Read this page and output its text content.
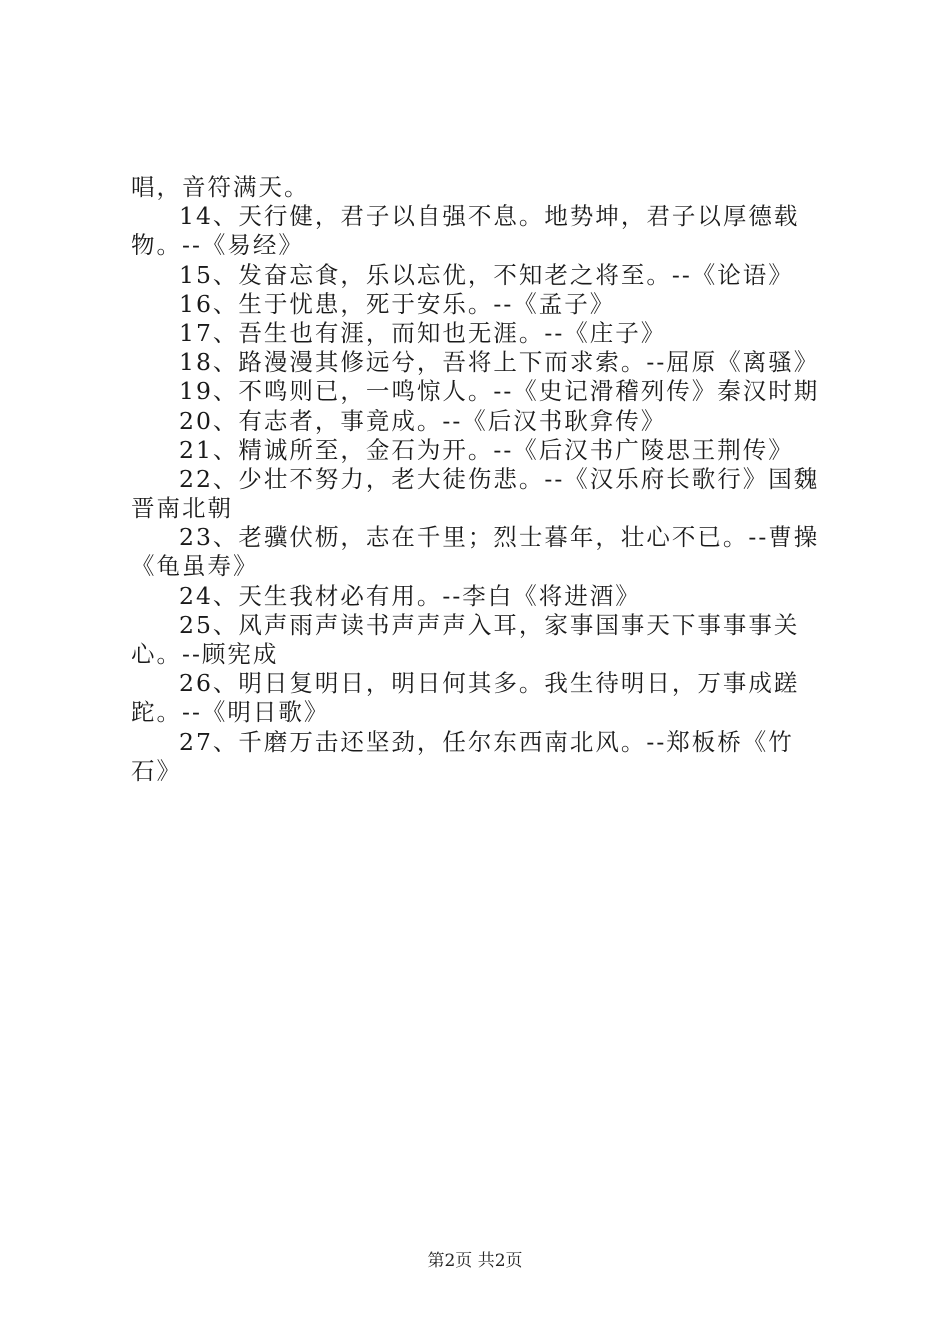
唱，音符满天。
14、天行健，君子以自强不息。地势坤，君子以厚德载
物。--《易经》
15、发奋忘食，乐以忘优，不知老之将至。--《论语》
16、生于忧患，死于安乐。--《孟子》
17、吾生也有涯，而知也无涯。--《庄子》
18、路漫漫其修远兮，吾将上下而求索。--屈原《离骚》
19、不鸣则已，一鸣惊人。--《史记滑稽列传》秦汉时期
20、有志者，事竟成。--《后汉书耿弇传》
21、精诚所至，金石为开。--《后汉书广陵思王荆传》
22、少壮不努力，老大徒伤悲。--《汉乐府长歌行》国魏
晋南北朝
23、老骥伏枥，志在千里；烈士暮年，壮心不已。--曹操
《龟虽寿》
24、天生我材必有用。--李白《将进酒》
25、风声雨声读书声声声入耳，家事国事天下事事事关
心。--顾宪成
26、明日复明日，明日何其多。我生待明日，万事成蹉
跎。--《明日歌》
27、千磨万击还坚劲，任尔东西南北风。--郑板桥《竹
石》
第2页 共2页
